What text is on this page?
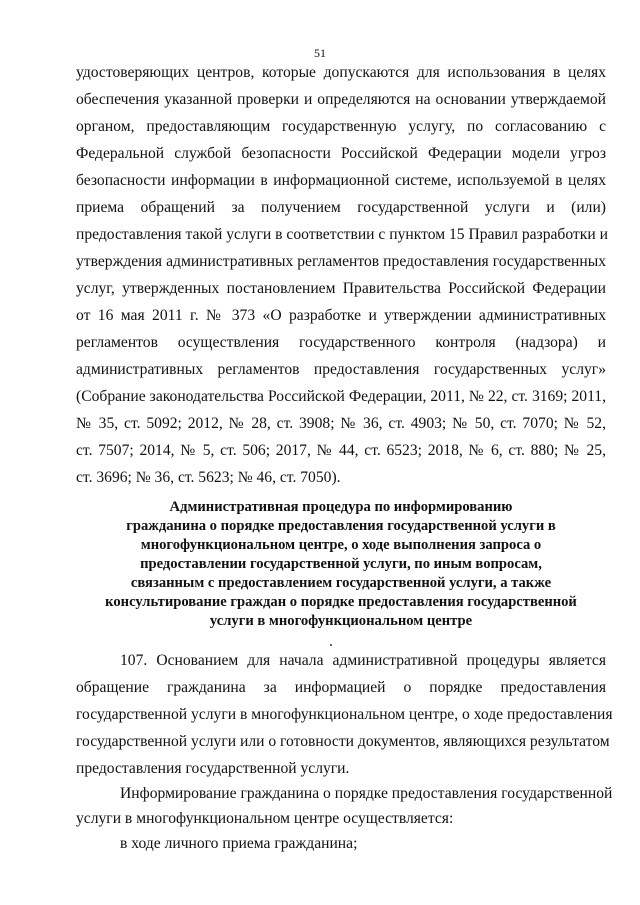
51
удостоверяющих центров, которые допускаются для использования в целях
обеспечения указанной проверки и определяются на основании утверждаемой
органом, предоставляющим государственную услугу, по согласованию с
Федеральной службой безопасности Российской Федерации модели угроз
безопасности информации в информационной системе, используемой в целях
приема обращений за получением государственной услуги и (или)
предоставления такой услуги в соответствии с пунктом 15 Правил разработки и
утверждения административных регламентов предоставления государственных
услуг, утвержденных постановлением Правительства Российской Федерации
от 16 мая 2011 г. № 373 «О разработке и утверждении административных
регламентов осуществления государственного контроля (надзора) и
административных регламентов предоставления государственных услуг»
(Собрание законодательства Российской Федерации, 2011, № 22, ст. 3169; 2011,
№ 35, ст. 5092; 2012, № 28, ст. 3908; № 36, ст. 4903; № 50, ст. 7070; № 52,
ст. 7507; 2014, № 5, ст. 506; 2017, № 44, ст. 6523; 2018, № 6, ст. 880; № 25,
ст. 3696; № 36, ст. 5623; № 46, ст. 7050).
Административная процедура по информированию
гражданина о порядке предоставления государственной услуги в
многофункциональном центре, о ходе выполнения запроса о
предоставлении государственной услуги, по иным вопросам,
связанным с предоставлением государственной услуги, а также
консультирование граждан о порядке предоставления государственной
услуги в многофункциональном центре
107. Основанием для начала административной процедуры является
обращение гражданина за информацией о порядке предоставления
государственной услуги в многофункциональном центре, о ходе предоставления
государственной услуги или о готовности документов, являющихся результатом
предоставления государственной услуги.
Информирование гражданина о порядке предоставления государственной
услуги в многофункциональном центре осуществляется:
в ходе личного приема гражданина;
